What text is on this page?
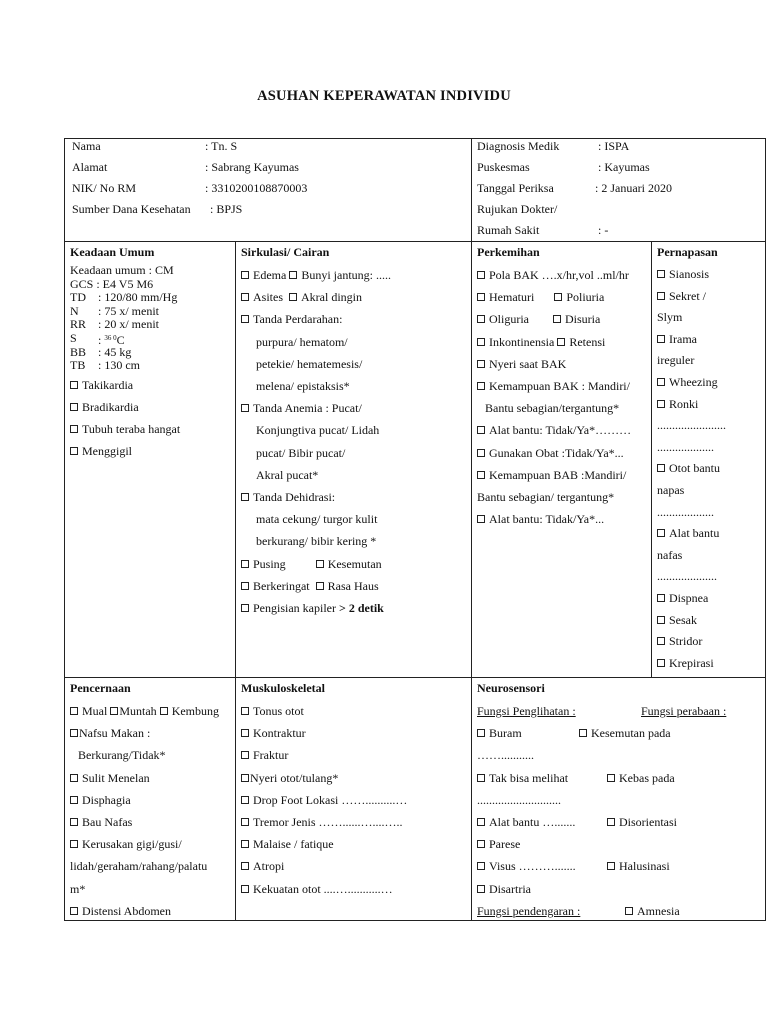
ASUHAN KEPERAWATAN INDIVIDU
Nama	: Tn. S
Alamat	: Sabrang Kayumas
NIK/ No RM	: 3310200108870003
Sumber Dana Kesehatan : BPJS
Diagnosis Medik	: ISPA
Puskesmas	: Kayumas
Tanggal Periksa	: 2 Januari 2020
Rujukan Dokter/
Rumah Sakit	: -
Keadaan Umum
Keadaan umum : CM
GCS : E4 V5 M6
TD : 120/80 mm/Hg
N : 75 x/ menit
RR : 20 x/ menit
S : $^{36 0}$C
BB : 45 kg
TB : 130 cm
Takikardia
Bradikardia
Tubuh teraba hangat
Menggigil
Sirkulasi/ Cairan
Edema Bunyi jantung: .....
Asites Akral dingin
Tanda Perdarahan:
purpura/ hematom/
petekie/ hematemesis/
melena/ epistaksis*
Tanda Anemia : Pucat/
Konjungtiva pucat/ Lidah
pucat/ Bibir pucat/
Akral pucat*
Tanda Dehidrasi:
mata cekung/ turgor kulit
berkurang/ bibir kering *
Pusing	Kesemutan
Berkeringat Rasa Haus
Pengisian kapiler > 2 detik
Perkemihan
Pola BAK ….x/hr,vol ..ml/hr
Hematuri	Poliuria
Oliguria	Disuria
Inkontinensia Retensi
Nyeri saat BAK
Kemampuan BAK : Mandiri/
Bantu sebagian/tergantung*
Alat bantu: Tidak/Ya*………
Gunakan Obat :Tidak/Ya*...
Kemampuan BAB :Mandiri/
Bantu sebagian/ tergantung*
Alat bantu: Tidak/Ya*...
Pernapasan
Sianosis
Sekret /
Slym
Irama
ireguler
Wheezing
Ronki
.......................
...................
Otot bantu
napas
...................
Alat bantu
nafas
....................
Dispnea
Sesak
Stridor
Krepirasi
Pencernaan
Mual Muntah Kembung
Nafsu Makan :
Berkurang/Tidak*
Sulit Menelan
Disphagia
Bau Nafas
Kerusakan gigi/gusi/
lidah/geraham/rahang/palatu
m*
Distensi Abdomen
Muskuloskeletal
Tonus otot
Kontraktur
Fraktur
Nyeri otot/tulang*
Drop Foot Lokasi ……..........…
Tremor Jenis ……......…....…..
Malaise / fatique
Atropi
Kekuatan otot ....…...........…
Neurosensori
Fungsi Penglihatan :	Fungsi perabaan :
Buram	Kesemutan pada
……...........
Tak bisa melihat	Kebas pada
............................
Alat bantu ….......	Disorientasi
Parese
Visus ……….......	Halusinasi
Disartria
Fungsi pendengaran :	Amnesia
